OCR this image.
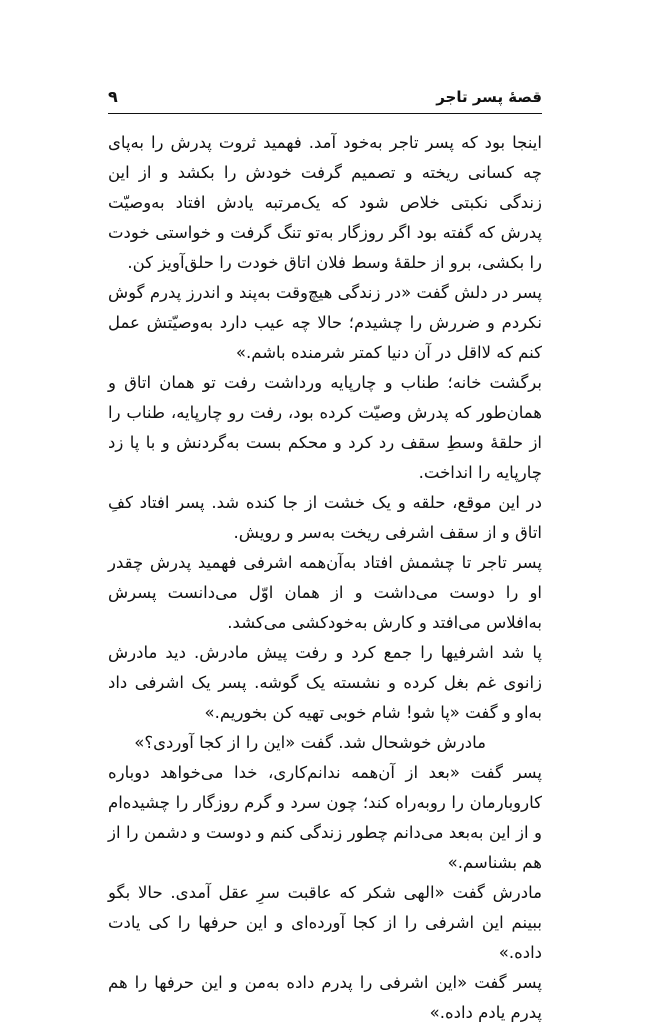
قصهٔ پسر تاجر
۹

اینجا بود که پسر تاجر به‌خود آمد. فهمید ثروت پدرش را به‌پای چه کسانی ریخته و تصمیم گرفت خودش را بکشد و از این زندگی نکبتی خلاص شود که یک‌مرتبه یادش افتاد به‌وصیّت پدرش که گفته بود اگر روزگار به‌تو تنگ گرفت و خواستی خودت را بکشی، برو از حلقهٔ وسط فلان اتاق خودت را حلق‌آویز کن.

پسر در دلش گفت «در زندگی هیچ‌وقت به‌پند و اندرز پدرم گوش نکردم و ضررش را چشیدم؛ حالا چه عیب دارد به‌وصیّتش عمل کنم که لااقل در آن دنیا کمتر شرمنده باشم.»

برگشت خانه؛ طناب و چارپایه ورداشت رفت تو همان اتاق و همان‌طور که پدرش وصیّت کرده بود، رفت رو چارپایه، طناب را از حلقهٔ وسطِ سقف رد کرد و محکم بست به‌گردنش و با پا زد چارپایه را انداخت.

در این موقع، حلقه و یک خشت از جا کنده شد. پسر افتاد کفِ اتاق و از سقف اشرفی ریخت به‌سر و رویش.

پسر تاجر تا چشمش افتاد به‌آن‌همه اشرفی فهمید پدرش چقدر او را دوست می‌داشت و از همان اوّل می‌دانست پسرش به‌افلاس می‌افتد و کارش به‌خودکشی می‌کشد.

پا شد اشرفیها را جمع کرد و رفت پیش مادرش. دید مادرش زانوی غم بغل کرده و نشسته یک گوشه. پسر یک اشرفی داد به‌او و گفت «پا شو! شام خوبی تهیه کن بخوریم.»

مادرش خوشحال شد. گفت «این را از کجا آوردی؟»

پسر گفت «بعد از آن‌همه ندانم‌کاری، خدا می‌خواهد دوباره کاروبارمان را روبه‌راه کند؛ چون سرد و گرم روزگار را چشیده‌ام و از این به‌بعد می‌دانم چطور زندگی کنم و دوست و دشمن را از هم بشناسم.»

مادرش گفت «الهی شکر که عاقبت سرِ عقل آمدی. حالا بگو ببینم این اشرفی را از کجا آورده‌ای و این حرفها را کی یادت داده.»

پسر گفت «این اشرفی را پدرم داده به‌من و این حرفها را هم پدرم یادم داده.»
